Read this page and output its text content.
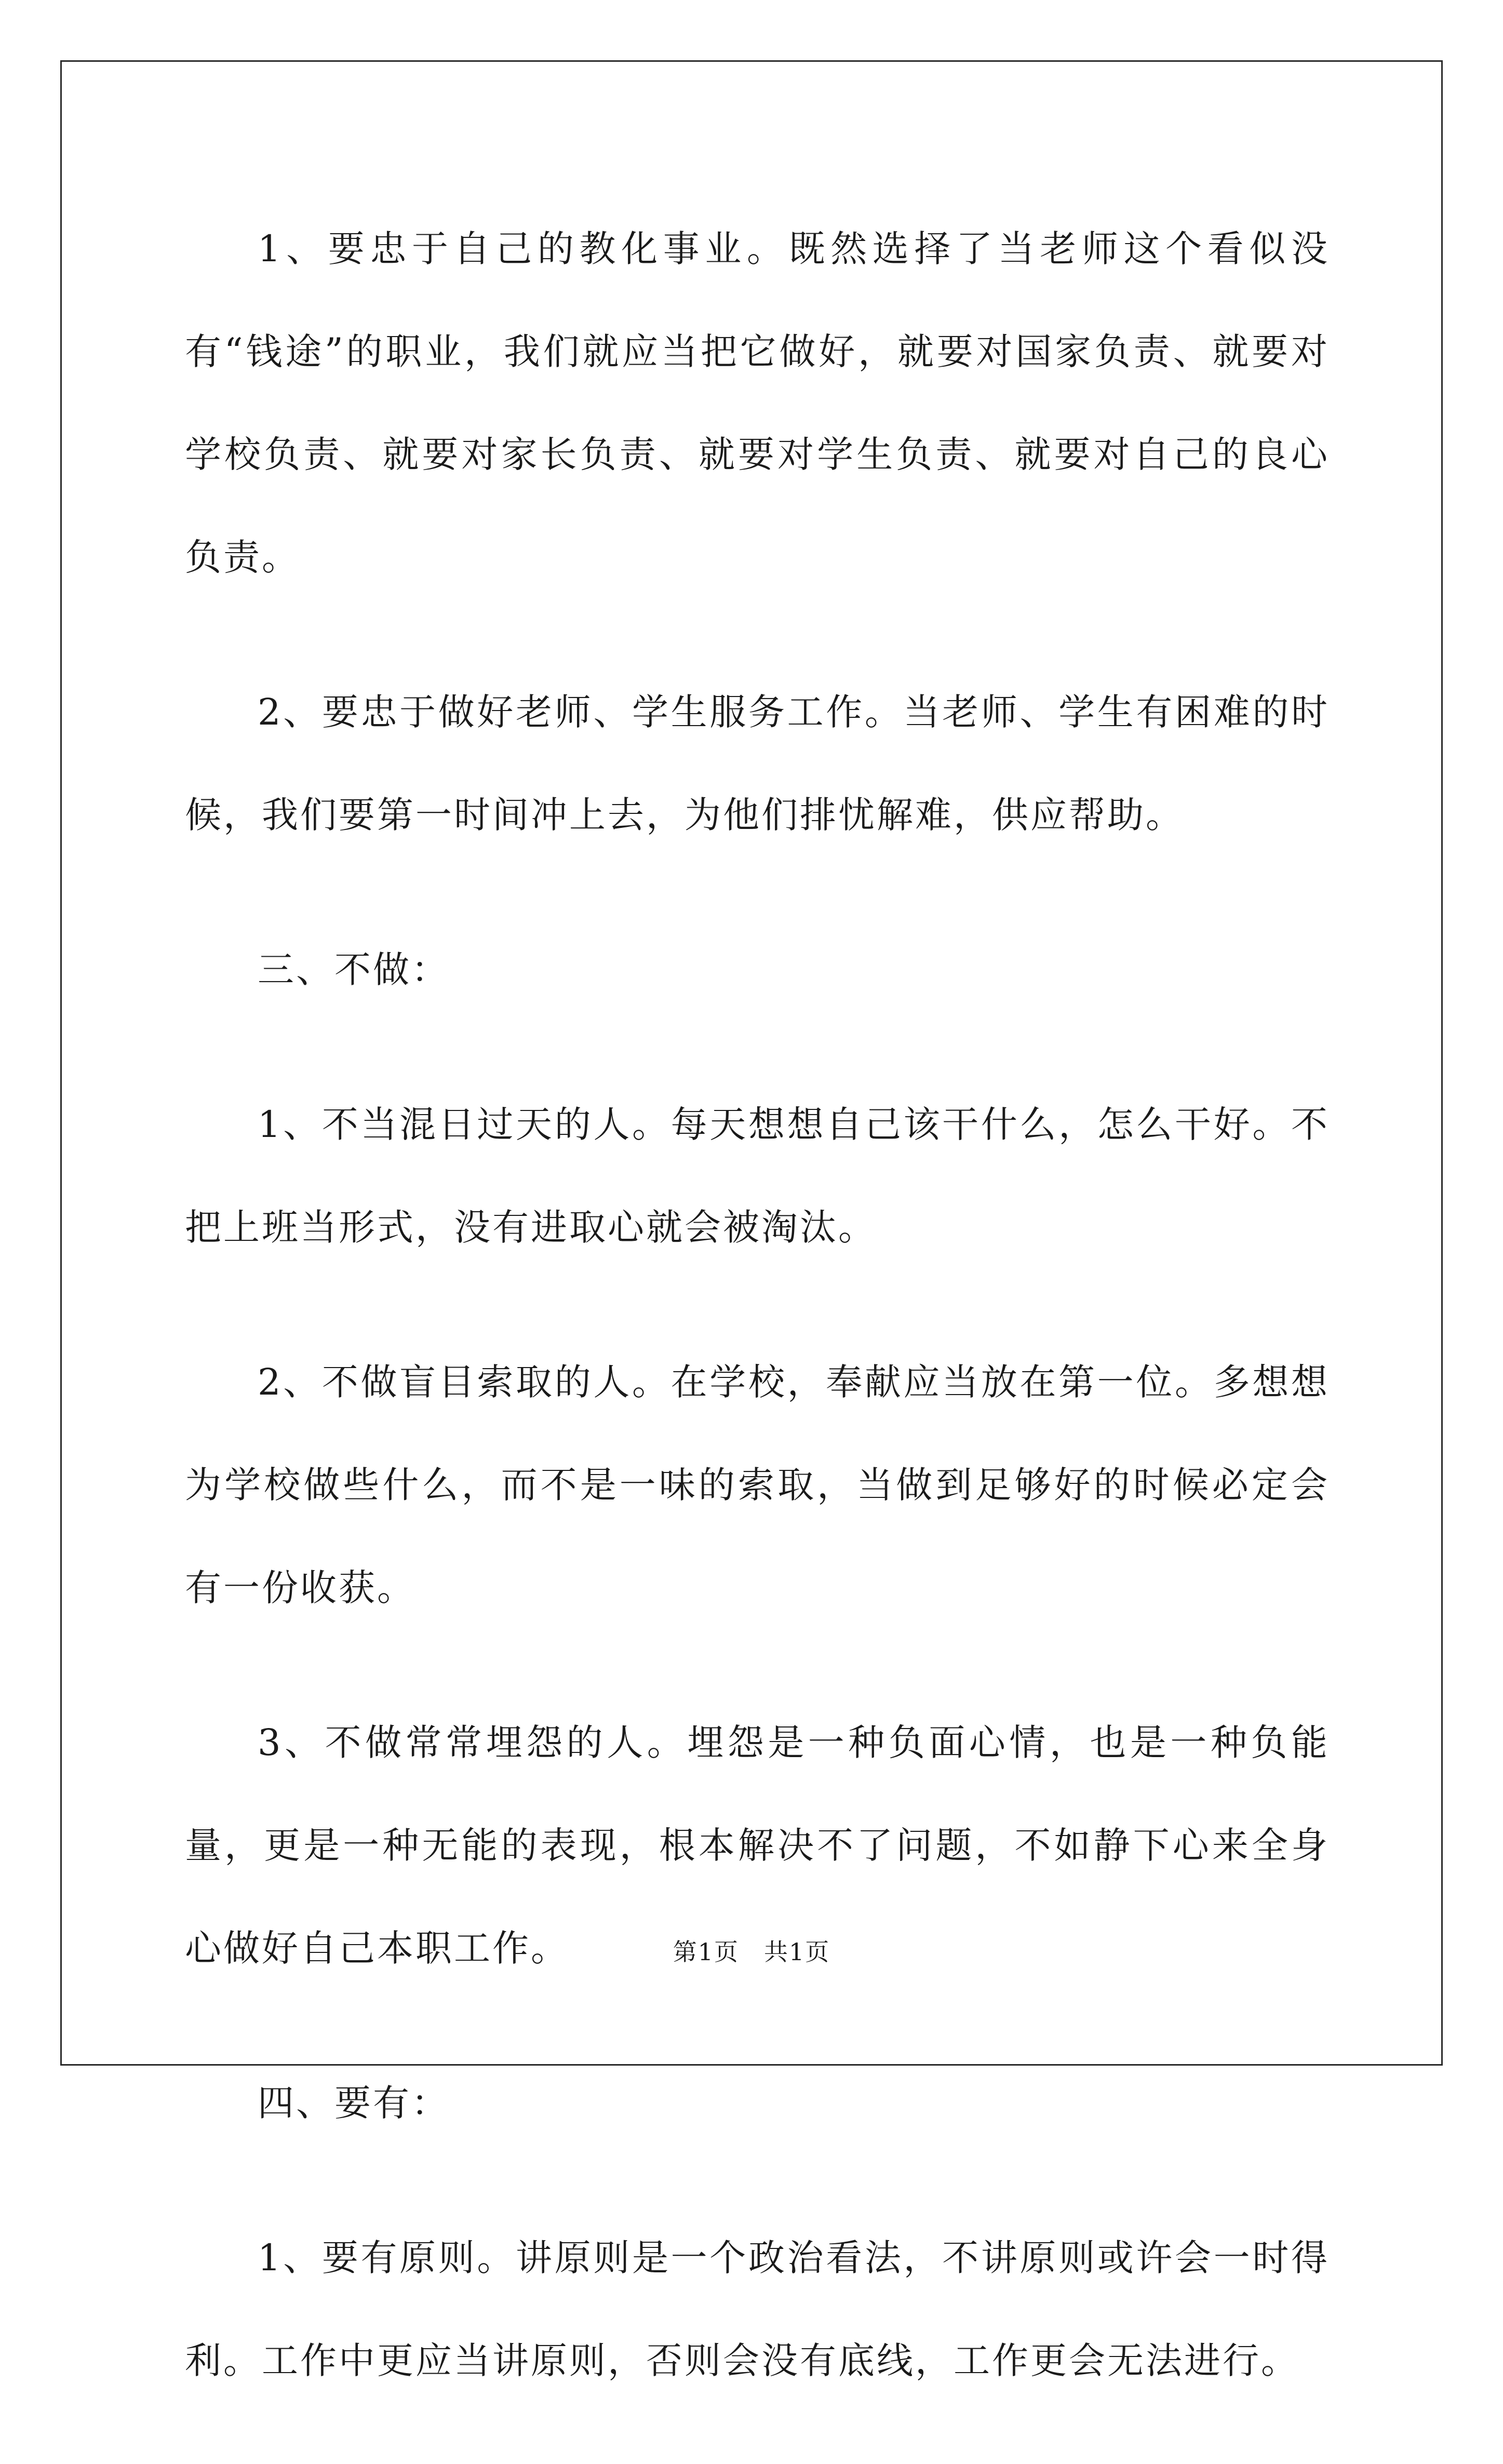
1、要忠于自己的教化事业。既然选择了当老师这个看似没有“钱途”的职业，我们就应当把它做好，就要对国家负责、就要对学校负责、就要对家长负责、就要对学生负责、就要对自己的良心负责。

2、要忠于做好老师、学生服务工作。当老师、学生有困难的时候，我们要第一时间冲上去，为他们排忧解难，供应帮助。

三、不做：

1、不当混日过天的人。每天想想自己该干什么，怎么干好。不把上班当形式，没有进取心就会被淘汰。

2、不做盲目索取的人。在学校，奉献应当放在第一位。多想想为学校做些什么，而不是一味的索取，当做到足够好的时候必定会有一份收获。

3、不做常常埋怨的人。埋怨是一种负面心情，也是一种负能量，更是一种无能的表现，根本解决不了问题，不如静下心来全身心做好自己本职工作。

四、要有：

1、要有原则。讲原则是一个政治看法，不讲原则或许会一时得利。工作中更应当讲原则，否则会没有底线，工作更会无法进行。

第1页 共1页
